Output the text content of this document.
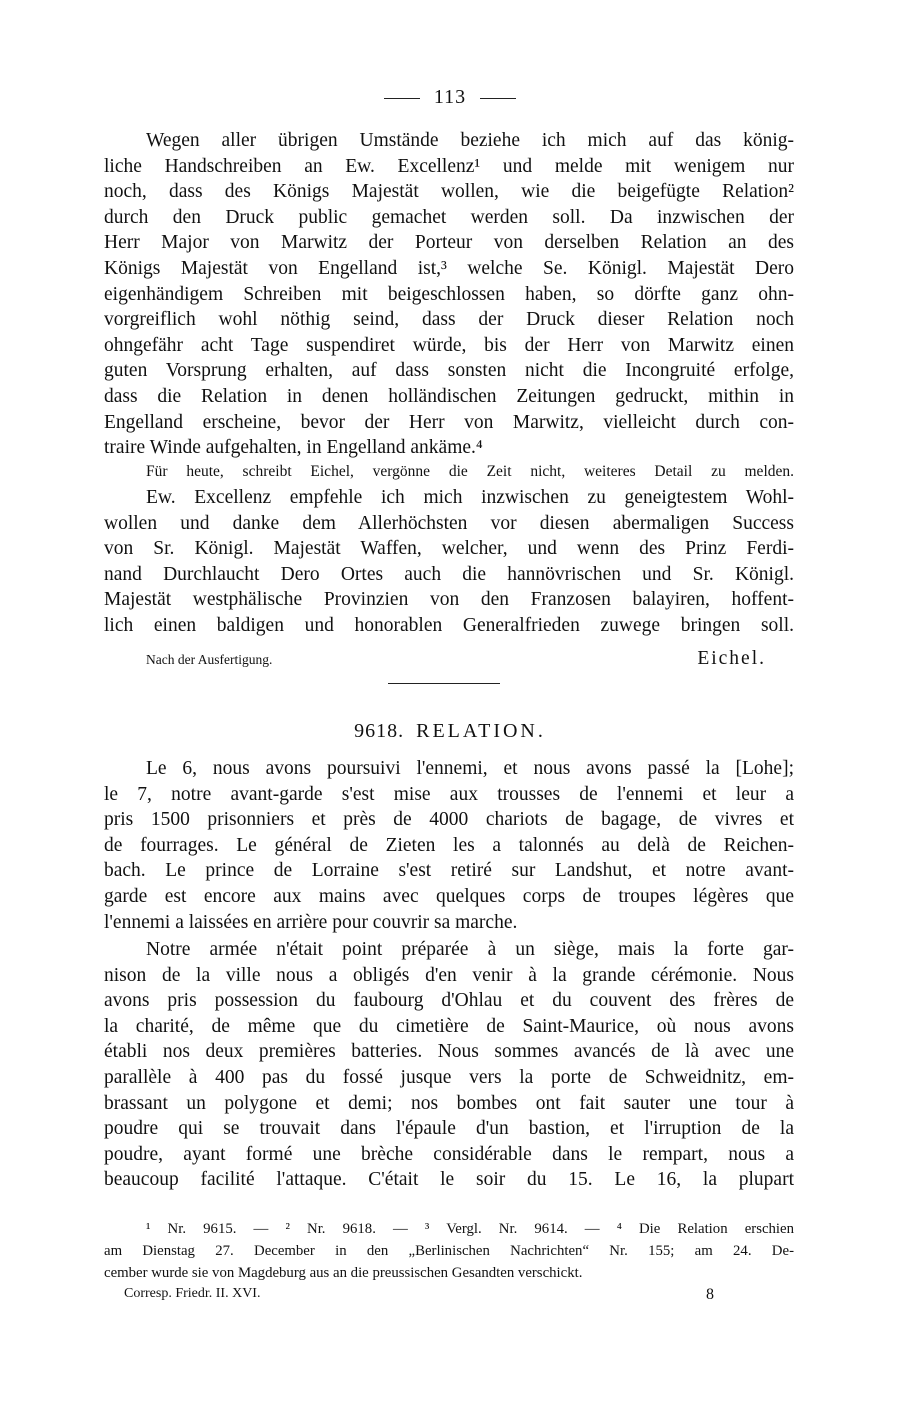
113
Wegen aller übrigen Umstände beziehe ich mich auf das könig-
liche Handschreiben an Ew. Excellenz¹ und melde mit wenigem nur
noch, dass des Königs Majestät wollen, wie die beigefügte Relation²
durch den Druck public gemachet werden soll. Da inzwischen der
Herr Major von Marwitz der Porteur von derselben Relation an des
Königs Majestät von Engelland ist,³ welche Se. Königl. Majestät Dero
eigenhändigem Schreiben mit beigeschlossen haben, so dörfte ganz ohn-
vorgreiflich wohl nöthig seind, dass der Druck dieser Relation noch
ohngefähr acht Tage suspendiret würde, bis der Herr von Marwitz einen
guten Vorsprung erhalten, auf dass sonsten nicht die Incongruité erfolge,
dass die Relation in denen holländischen Zeitungen gedruckt, mithin in
Engelland erscheine, bevor der Herr von Marwitz, vielleicht durch con-
traire Winde aufgehalten, in Engelland ankäme.⁴
Für heute, schreibt Eichel, vergönne die Zeit nicht, weiteres Detail zu melden.
Ew. Excellenz empfehle ich mich inzwischen zu geneigtestem Wohl-
wollen und danke dem Allerhöchsten vor diesen abermaligen Success
von Sr. Königl. Majestät Waffen, welcher, und wenn des Prinz Ferdi-
nand Durchlaucht Dero Ortes auch die hannövrischen und Sr. Königl.
Majestät westphälische Provinzien von den Franzosen balayiren, hoffent-
lich einen baldigen und honorablen Generalfrieden zuwege bringen soll.
Nach der Ausfertigung.	Eichel.
9618. RELATION.
Le 6, nous avons poursuivi l'ennemi, et nous avons passé la [Lohe];
le 7, notre avant-garde s'est mise aux trousses de l'ennemi et leur a
pris 1500 prisonniers et près de 4000 chariots de bagage, de vivres et
de fourrages. Le général de Zieten les a talonnés au delà de Reichen-
bach. Le prince de Lorraine s'est retiré sur Landshut, et notre avant-
garde est encore aux mains avec quelques corps de troupes légères que
l'ennemi a laissées en arrière pour couvrir sa marche.
Notre armée n'était point préparée à un siège, mais la forte gar-
nison de la ville nous a obligés d'en venir à la grande cérémonie. Nous
avons pris possession du faubourg d'Ohlau et du couvent des frères de
la charité, de même que du cimetière de Saint-Maurice, où nous avons
établi nos deux premières batteries. Nous sommes avancés de là avec une
parallèle à 400 pas du fossé jusque vers la porte de Schweidnitz, em-
brassant un polygone et demi; nos bombes ont fait sauter une tour à
poudre qui se trouvait dans l'épaule d'un bastion, et l'irruption de la
poudre, ayant formé une brèche considérable dans le rempart, nous a
beaucoup facilité l'attaque. C'était le soir du 15. Le 16, la plupart
¹ Nr. 9615. — ² Nr. 9618. — ³ Vergl. Nr. 9614. — ⁴ Die Relation erschien
am Dienstag 27. December in den „Berlinischen Nachrichten“ Nr. 155; am 24. De-
cember wurde sie von Magdeburg aus an die preussischen Gesandten verschickt.
Corresp. Friedr. II. XVI.	8
